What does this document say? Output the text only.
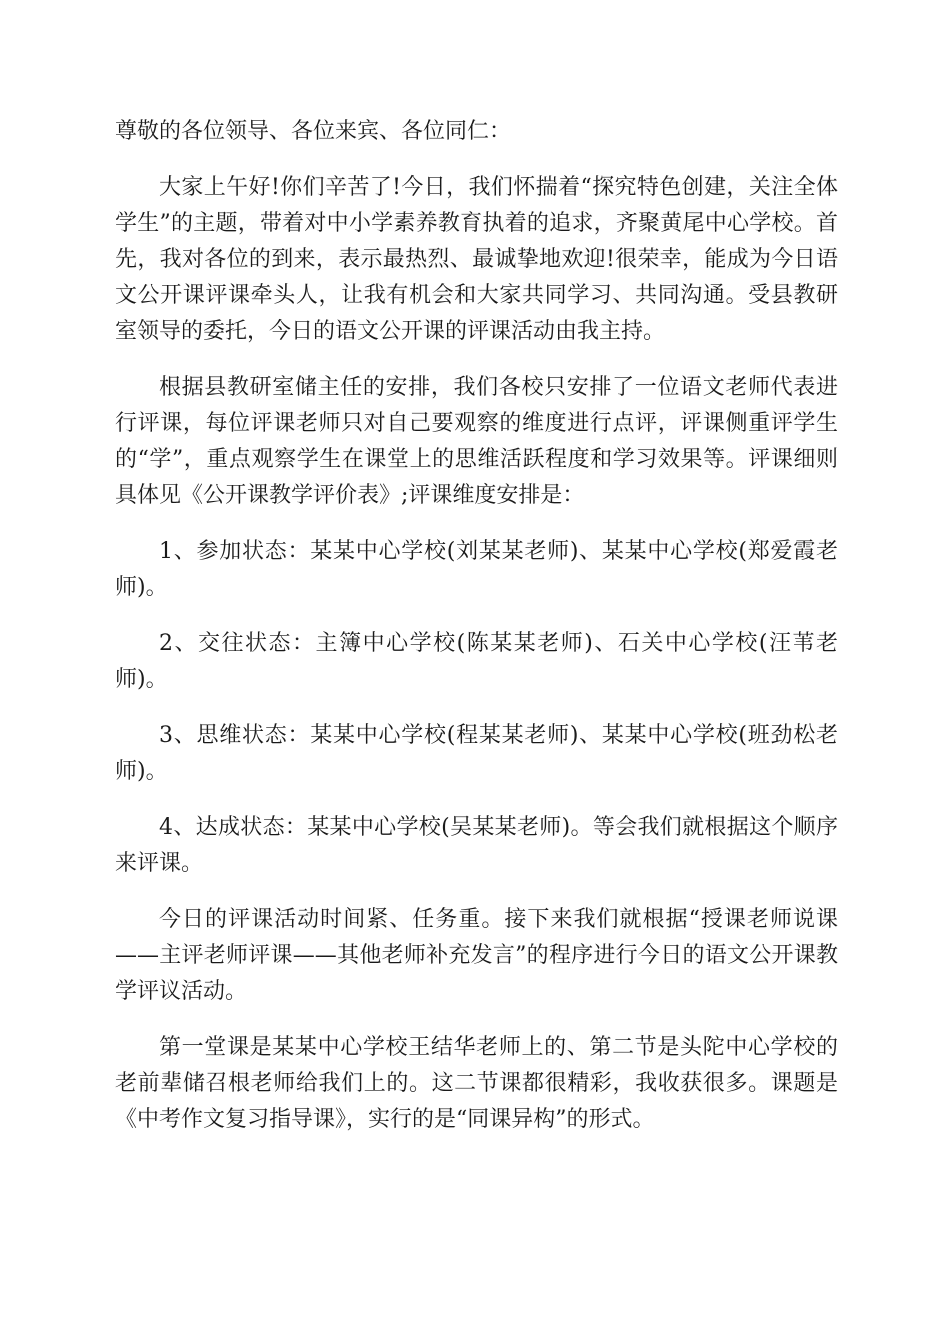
尊敬的各位领导、各位来宾、各位同仁：

大家上午好!你们辛苦了!今日，我们怀揣着“探究特色创建，关注全体学生”的主题，带着对中小学素养教育执着的追求，齐聚黄尾中心学校。首先，我对各位的到来，表示最热烈、最诚挚地欢迎!很荣幸，能成为今日语文公开课评课牵头人，让我有机会和大家共同学习、共同沟通。受县教研室领导的委托，今日的语文公开课的评课活动由我主持。

根据县教研室储主任的安排，我们各校只安排了一位语文老师代表进行评课，每位评课老师只对自己要观察的维度进行点评，评课侧重评学生的“学”，重点观察学生在课堂上的思维活跃程度和学习效果等。评课细则具体见《公开课教学评价表》;评课维度安排是：

1、参加状态：某某中心学校(刘某某老师)、某某中心学校(郑爱霞老师)。

2、交往状态：主簿中心学校(陈某某老师)、石关中心学校(汪苇老师)。

3、思维状态：某某中心学校(程某某老师)、某某中心学校(班劲松老师)。

4、达成状态：某某中心学校(吴某某老师)。等会我们就根据这个顺序来评课。

今日的评课活动时间紧、任务重。接下来我们就根据“授课老师说课——主评老师评课——其他老师补充发言”的程序进行今日的语文公开课教学评议活动。

第一堂课是某某中心学校王结华老师上的、第二节是头陀中心学校的老前辈储召根老师给我们上的。这二节课都很精彩，我收获很多。课题是《中考作文复习指导课》，实行的是“同课异构”的形式。
